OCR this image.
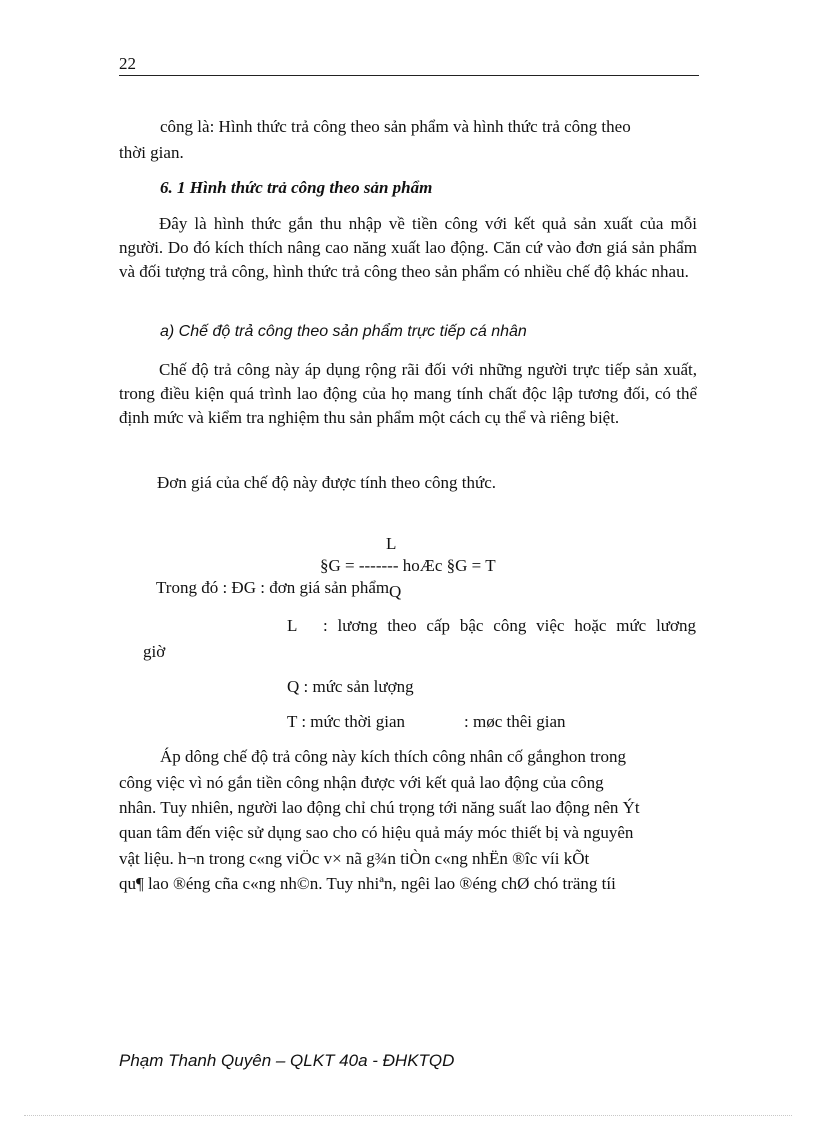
22
công là: Hình thức trả công theo sản phẩm và hình thức trả công theo
thời gian.
6. 1 Hình thức trả công theo sản phẩm
Đây là hình thức gắn thu nhập về tiền công với kết quả sản xuất của mỗi người. Do đó kích thích nâng cao năng xuất lao động. Căn cứ vào đơn giá sản phẩm và đối tượng trả công, hình thức trả công theo sản phẩm có nhiều chế độ khác nhau.
a) Chế độ trả công theo sản phẩm trực tiếp cá nhân
Chế độ trả công này áp dụng rộng rãi đối với những người trực tiếp sản xuất, trong điều kiện quá trình lao động của họ mang tính chất độc lập tương đối, có thể định mức và kiểm tra nghiệm thu sản phẩm một cách cụ thể và riêng biệt.
Đơn giá của chế độ này được tính theo công thức.
L
§G = ------- hoÆc §G = T
Trong đó : ĐG : đơn giá sản phẩm Q
L : lương theo cấp bậc công việc hoặc mức lương
giờ
Q : mức sản lượng
T : mức thời gian	: møc thêi gian
Áp dông chế độ trả công này kích thích công nhân cố gắnghon trong
công việc vì nó gắn tiền công nhận được với kết quả lao động của công
nhân. Tuy nhiên, người lao động chỉ chú trọng tới năng suất lao động nên Ýt
quan tâm đến việc sử dụng sao cho có hiệu quả máy móc thiết bị và nguyên
vật liệu. h¬n trong c«ng viÖc v× nã g¾n tiÒn c«ng nhËn ®îc víi kÕt
qu¶ lao ®éng cña c«ng nh©n. Tuy nhiªn, ngêi lao ®éng chØ chó träng tíi
Phạm Thanh Quyên – QLKT 40a - ĐHKTQD
